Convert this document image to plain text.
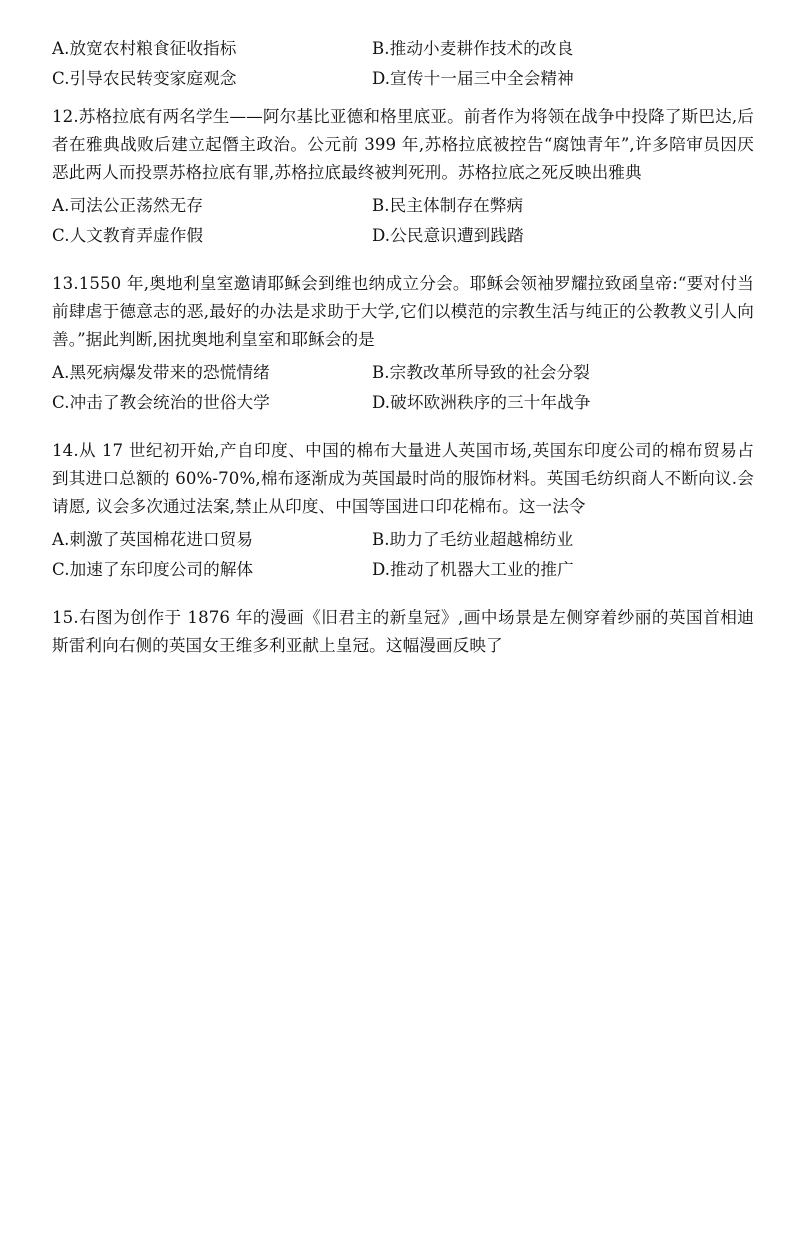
A.放宽农村粮食征收指标	B.推动小麦耕作技术的改良
C.引导农民转变家庭观念	D.宣传十一届三中全会精神
12.苏格拉底有两名学生——阿尔基比亚德和格里底亚。前者作为将领在战争中投降了斯巴达,后者在雅典战败后建立起僭主政治。公元前 399 年,苏格拉底被控告“腐蚀青年”,许多陪审员因厌恶此两人而投票苏格拉底有罪,苏格拉底最终被判死刑。苏格拉底之死反映出雅典
A.司法公正荡然无存	B.民主体制存在弊病
C.人文教育弄虚作假	D.公民意识遭到践踏
13.1550 年,奥地利皇室邀请耶稣会到维也纳成立分会。耶稣会领袖罗耀拉致函皇帝:“要对付当前肆虐于德意志的恶,最好的办法是求助于大学,它们以模范的宗教生活与纯正的公教教义引人向善。”据此判断,困扰奥地利皇室和耶稣会的是
A.黑死病爆发带来的恐慌情绪	B.宗教改革所导致的社会分裂
C.冲击了教会统治的世俗大学	D.破坏欧洲秩序的三十年战争
14.从 17 世纪初开始,产自印度、中国的棉布大量进人英国市场,英国东印度公司的棉布贸易占到其进口总额的 60%-70%,棉布逐渐成为英国最时尚的服饰材料。英国毛纺织商人不断向议.会请愿, 议会多次通过法案,禁止从印度、中国等国进口印花棉布。这一法令
A.刺激了英国棉花进口贸易	B.助力了毛纺业超越棉纺业
C.加速了东印度公司的解体	D.推动了机器大工业的推广
15.右图为创作于 1876 年的漫画《旧君主的新皇冠》,画中场景是左侧穿着纱丽的英国首相迪斯雷利向右侧的英国女王维多利亚献上皇冠。这幅漫画反映了
